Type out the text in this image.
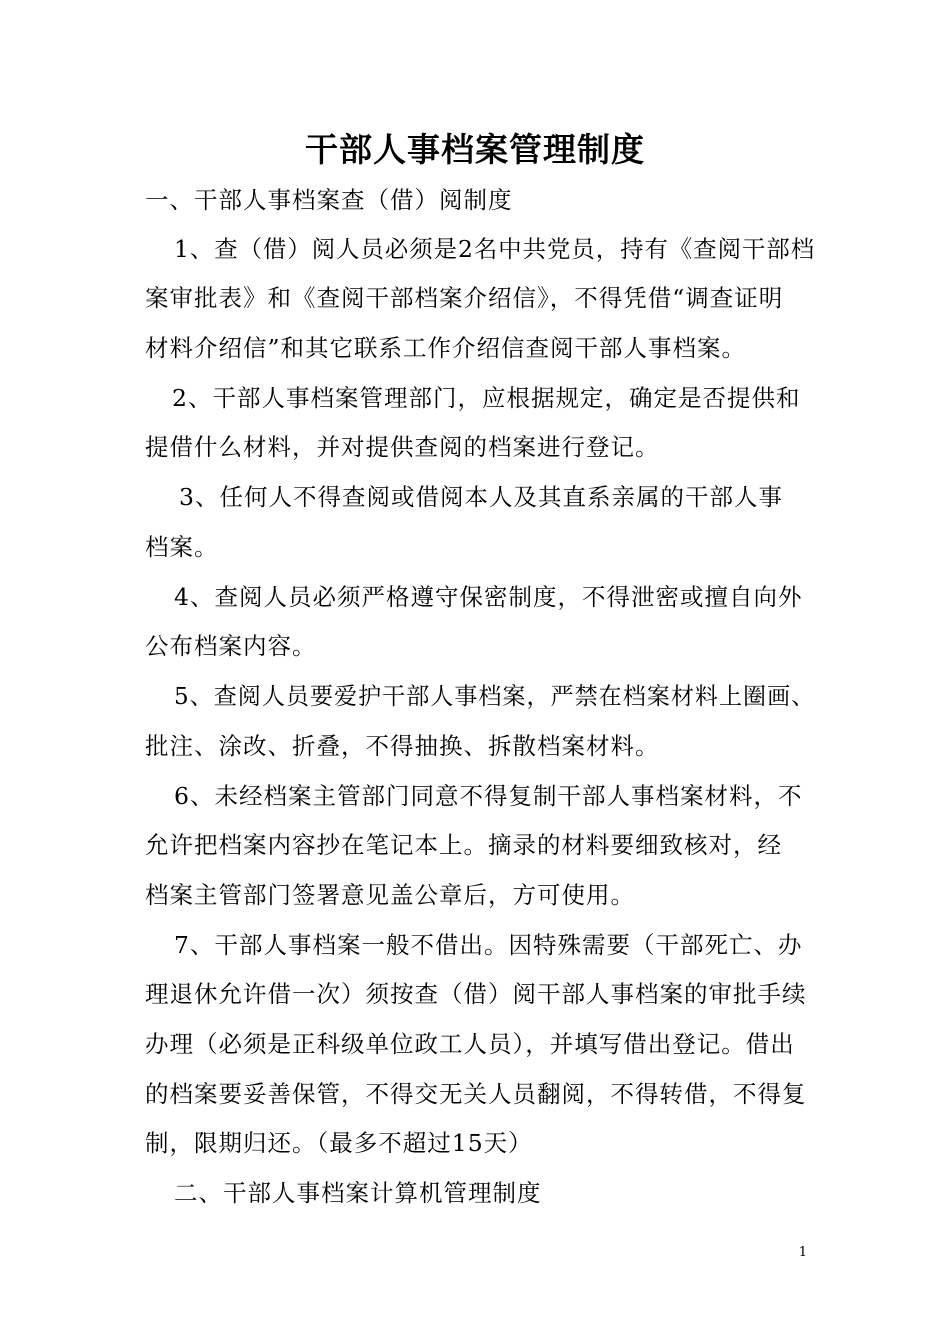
干部人事档案管理制度
一、干部人事档案查（借）阅制度
1、查（借）阅人员必须是2名中共党员，持有《查阅干部档
案审批表》和《查阅干部档案介绍信》，不得凭借“调查证明
材料介绍信”和其它联系工作介绍信查阅干部人事档案。
2、干部人事档案管理部门，应根据规定，确定是否提供和
提借什么材料，并对提供查阅的档案进行登记。
3、任何人不得查阅或借阅本人及其直系亲属的干部人事
档案。
4、查阅人员必须严格遵守保密制度，不得泄密或擅自向外
公布档案内容。
5、查阅人员要爱护干部人事档案，严禁在档案材料上圈画、
批注、涂改、折叠，不得抽换、拆散档案材料。
6、未经档案主管部门同意不得复制干部人事档案材料，不
允许把档案内容抄在笔记本上。摘录的材料要细致核对，经
档案主管部门签署意见盖公章后，方可使用。
7、干部人事档案一般不借出。因特殊需要（干部死亡、办
理退休允许借一次）须按查（借）阅干部人事档案的审批手续
办理（必须是正科级单位政工人员），并填写借出登记。借出
的档案要妥善保管，不得交无关人员翻阅，不得转借，不得复
制，限期归还。（最多不超过15天）
二、干部人事档案计算机管理制度
1
